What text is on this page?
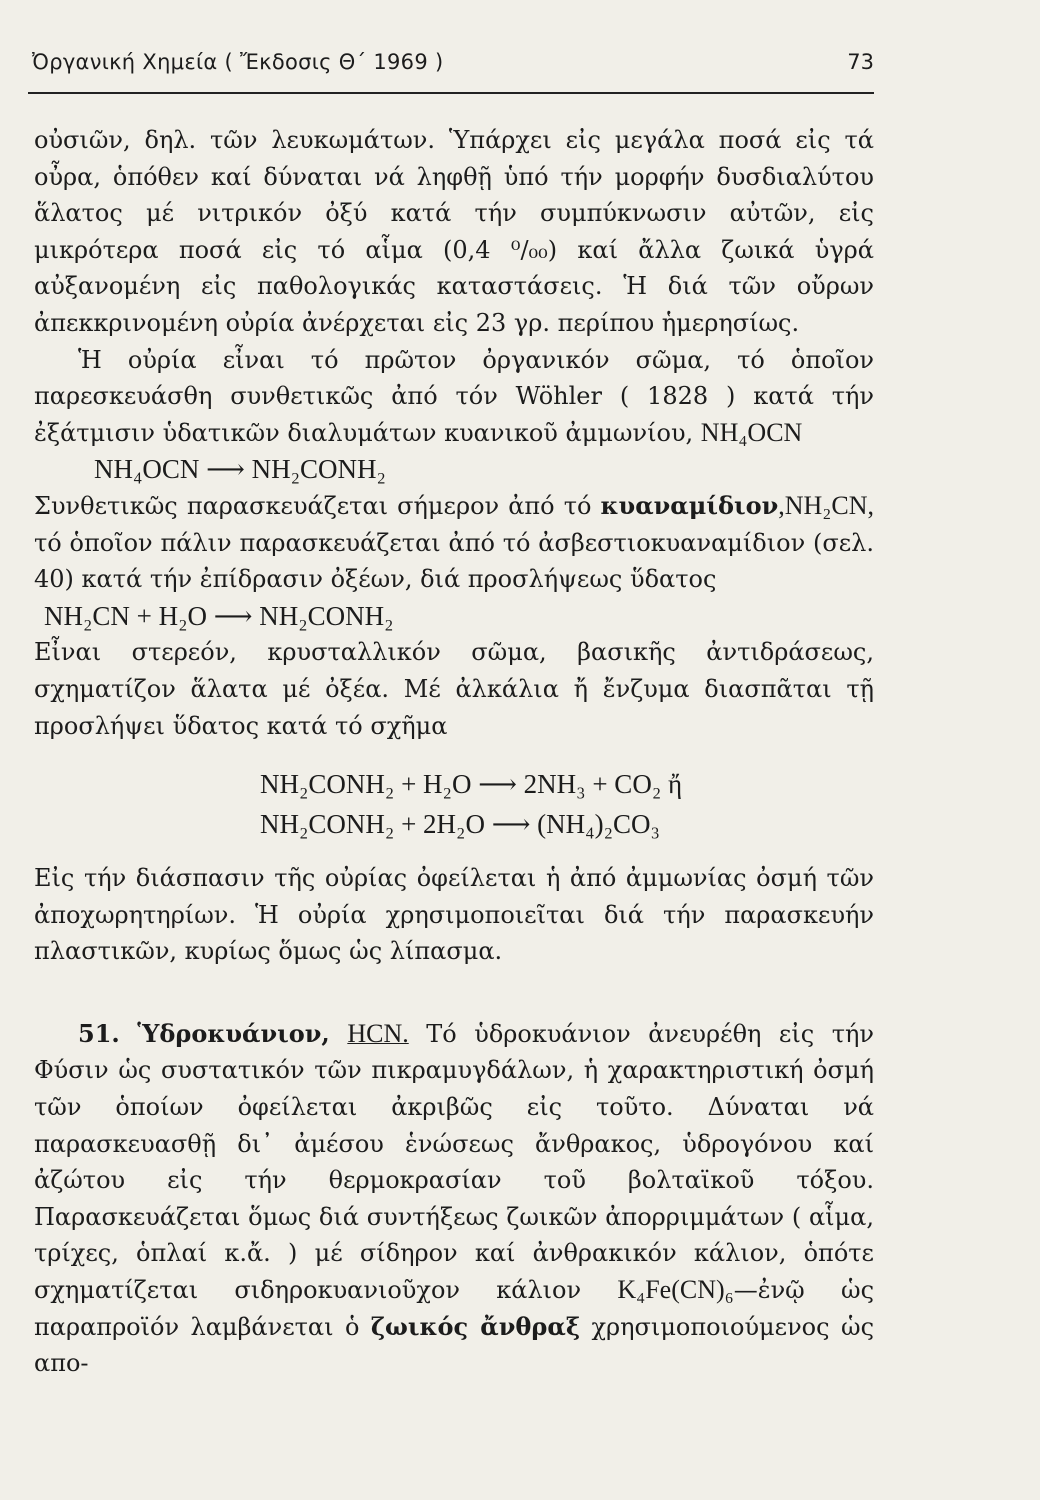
Ὀργανική Χημεία ( Ἔκδοσις Θ΄ 1969 )	73

οὐσιῶν, δηλ. τῶν λευκωμάτων. Ὑπάρχει εἰς μεγάλα ποσά εἰς τά οὖρα, ὁπόθεν καί δύναται νά ληφθῇ ὑπό τήν μορφήν δυσδιαλύτου ἅλατος μέ νιτρικόν ὀξύ κατά τήν συμπύκνωσιν αὐτῶν, εἰς μικρότερα ποσά εἰς τό αἷμα (0,4 ⁰/₀₀) καί ἄλλα ζωικά ὑγρά αὐξανομένη εἰς παθολογικάς καταστάσεις. Ἡ διά τῶν οὔρων ἀπεκκρινομένη οὐρία ἀνέρχεται εἰς 23 γρ. περίπου ἡμερησίως.

Ἡ οὐρία εἶναι τό πρῶτον ὀργανικόν σῶμα, τό ὁποῖον παρεσκευάσθη συνθετικῶς ἀπό τόν Wöhler ( 1828 ) κατά τήν ἐξάτμισιν ὑδατικῶν διαλυμάτων κυανικοῦ ἀμμωνίου, NH₄OCN

NH₄OCN ⟶ NH₂CONH₂

Συνθετικῶς παρασκευάζεται σήμερον ἀπό τό κυαναμίδιον,NH₂CN, τό ὁποῖον πάλιν παρασκευάζεται ἀπό τό ἀσβεστιοκυαναμίδιον (σελ. 40) κατά τήν ἐπίδρασιν ὀξέων, διά προσλήψεως ὕδατος

NH₂CN + H₂O ⟶ NH₂CONH₂

Εἶναι στερεόν, κρυσταλλικόν σῶμα, βασικῆς ἀντιδράσεως, σχηματίζον ἅλατα μέ ὀξέα. Μέ ἀλκάλια ἤ ἔνζυμα διασπᾶται τῇ προσλήψει ὕδατος κατά τό σχῆμα

NH₂CONH₂ + H₂O ⟶ 2NH₃ + CO₂ ἤ

NH₂CONH₂ + 2H₂O ⟶ (NH₄)₂CO₃

Εἰς τήν διάσπασιν τῆς οὐρίας ὀφείλεται ἡ ἀπό ἀμμωνίας ὀσμή τῶν ἀποχωρητηρίων. Ἡ οὐρία χρησιμοποιεῖται διά τήν παρασκευήν πλαστικῶν, κυρίως ὅμως ὡς λίπασμα.

51. Ὑδροκυάνιον, HCN. Τό ὑδροκυάνιον ἀνευρέθη εἰς τήν Φύσιν ὡς συστατικόν τῶν πικραμυγδάλων, ἡ χαρακτηριστική ὀσμή τῶν ὁποίων ὀφείλεται ἀκριβῶς εἰς τοῦτο. Δύναται νά παρασκευασθῇ δι᾽ ἀμέσου ἑνώσεως ἄνθρακος, ὑδρογόνου καί ἀζώτου εἰς τήν θερμοκρασίαν τοῦ βολταϊκοῦ τόξου. Παρασκευάζεται ὅμως διά συντήξεως ζωικῶν ἀπορριμμάτων ( αἷμα, τρίχες, ὁπλαί κ.ἄ. ) μέ σίδηρον καί ἀνθρακικόν κάλιον, ὁπότε σχηματίζεται σιδηροκυανιοῦχον κάλιον K₄Fe(CN)₆—ἐνῷ ὡς παραπροϊόν λαμβάνεται ὁ ζωικός ἄνθραξ χρησιμοποιούμενος ὡς απο-
